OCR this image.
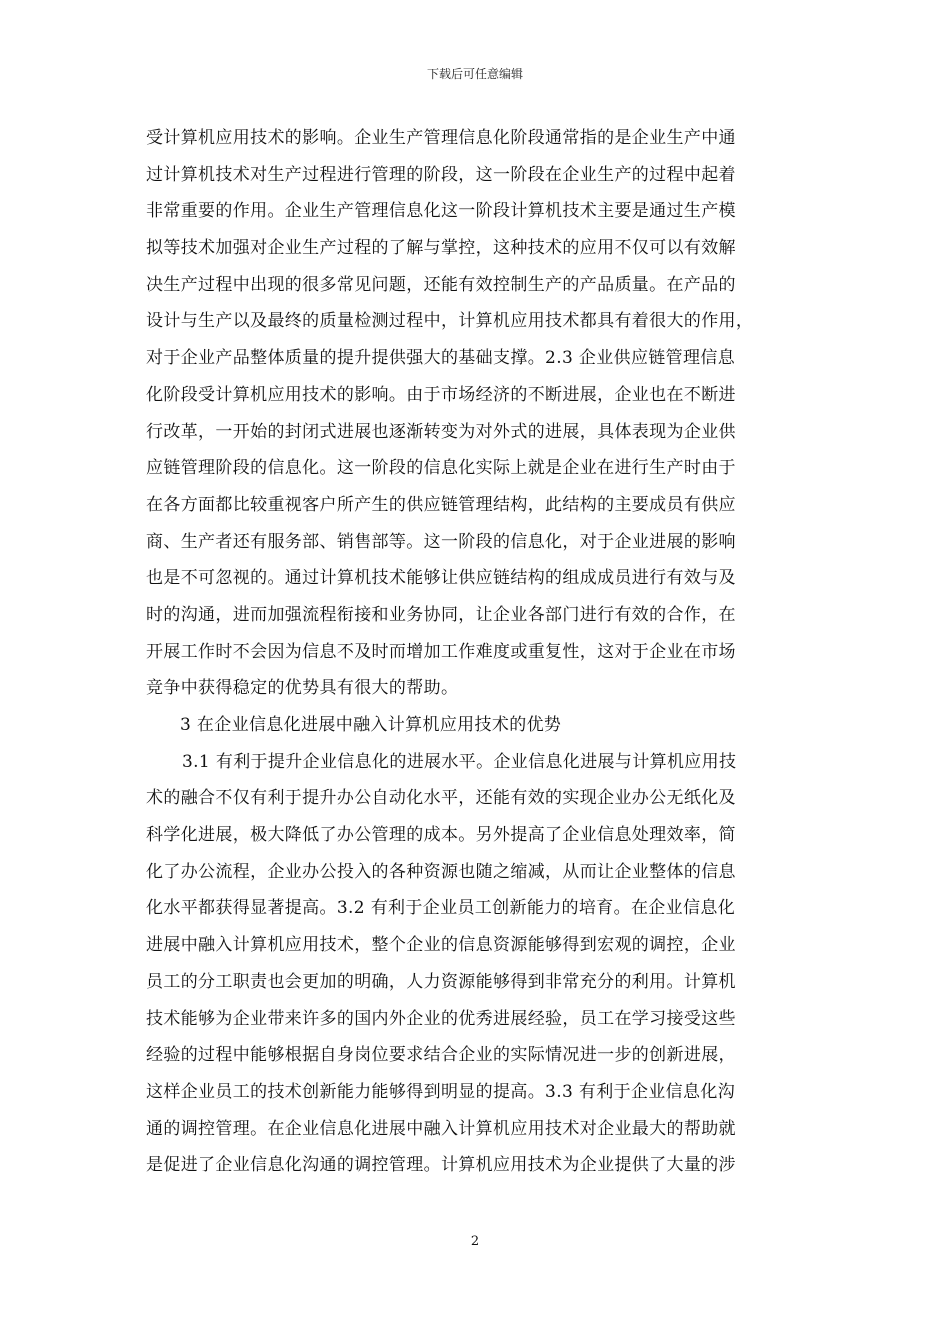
下载后可任意编辑
受计算机应用技术的影响。企业生产管理信息化阶段通常指的是企业生产中通
过计算机技术对生产过程进行管理的阶段，这一阶段在企业生产的过程中起着
非常重要的作用。企业生产管理信息化这一阶段计算机技术主要是通过生产模
拟等技术加强对企业生产过程的了解与掌控，这种技术的应用不仅可以有效解
决生产过程中出现的很多常见问题，还能有效控制生产的产品质量。在产品的
设计与生产以及最终的质量检测过程中，计算机应用技术都具有着很大的作用，
对于企业产品整体质量的提升提供强大的基础支撑。2.3 企业供应链管理信息
化阶段受计算机应用技术的影响。由于市场经济的不断进展，企业也在不断进
行改革，一开始的封闭式进展也逐渐转变为对外式的进展，具体表现为企业供
应链管理阶段的信息化。这一阶段的信息化实际上就是企业在进行生产时由于
在各方面都比较重视客户所产生的供应链管理结构，此结构的主要成员有供应
商、生产者还有服务部、销售部等。这一阶段的信息化，对于企业进展的影响
也是不可忽视的。通过计算机技术能够让供应链结构的组成成员进行有效与及
时的沟通，进而加强流程衔接和业务协同，让企业各部门进行有效的合作，在
开展工作时不会因为信息不及时而增加工作难度或重复性，这对于企业在市场
竞争中获得稳定的优势具有很大的帮助。
3 在企业信息化进展中融入计算机应用技术的优势
3.1 有利于提升企业信息化的进展水平。企业信息化进展与计算机应用技
术的融合不仅有利于提升办公自动化水平，还能有效的实现企业办公无纸化及
科学化进展，极大降低了办公管理的成本。另外提高了企业信息处理效率，简
化了办公流程，企业办公投入的各种资源也随之缩减，从而让企业整体的信息
化水平都获得显著提高。3.2 有利于企业员工创新能力的培育。在企业信息化
进展中融入计算机应用技术，整个企业的信息资源能够得到宏观的调控，企业
员工的分工职责也会更加的明确，人力资源能够得到非常充分的利用。计算机
技术能够为企业带来许多的国内外企业的优秀进展经验，员工在学习接受这些
经验的过程中能够根据自身岗位要求结合企业的实际情况进一步的创新进展，
这样企业员工的技术创新能力能够得到明显的提高。3.3 有利于企业信息化沟
通的调控管理。在企业信息化进展中融入计算机应用技术对企业最大的帮助就
是促进了企业信息化沟通的调控管理。计算机应用技术为企业提供了大量的涉
2
